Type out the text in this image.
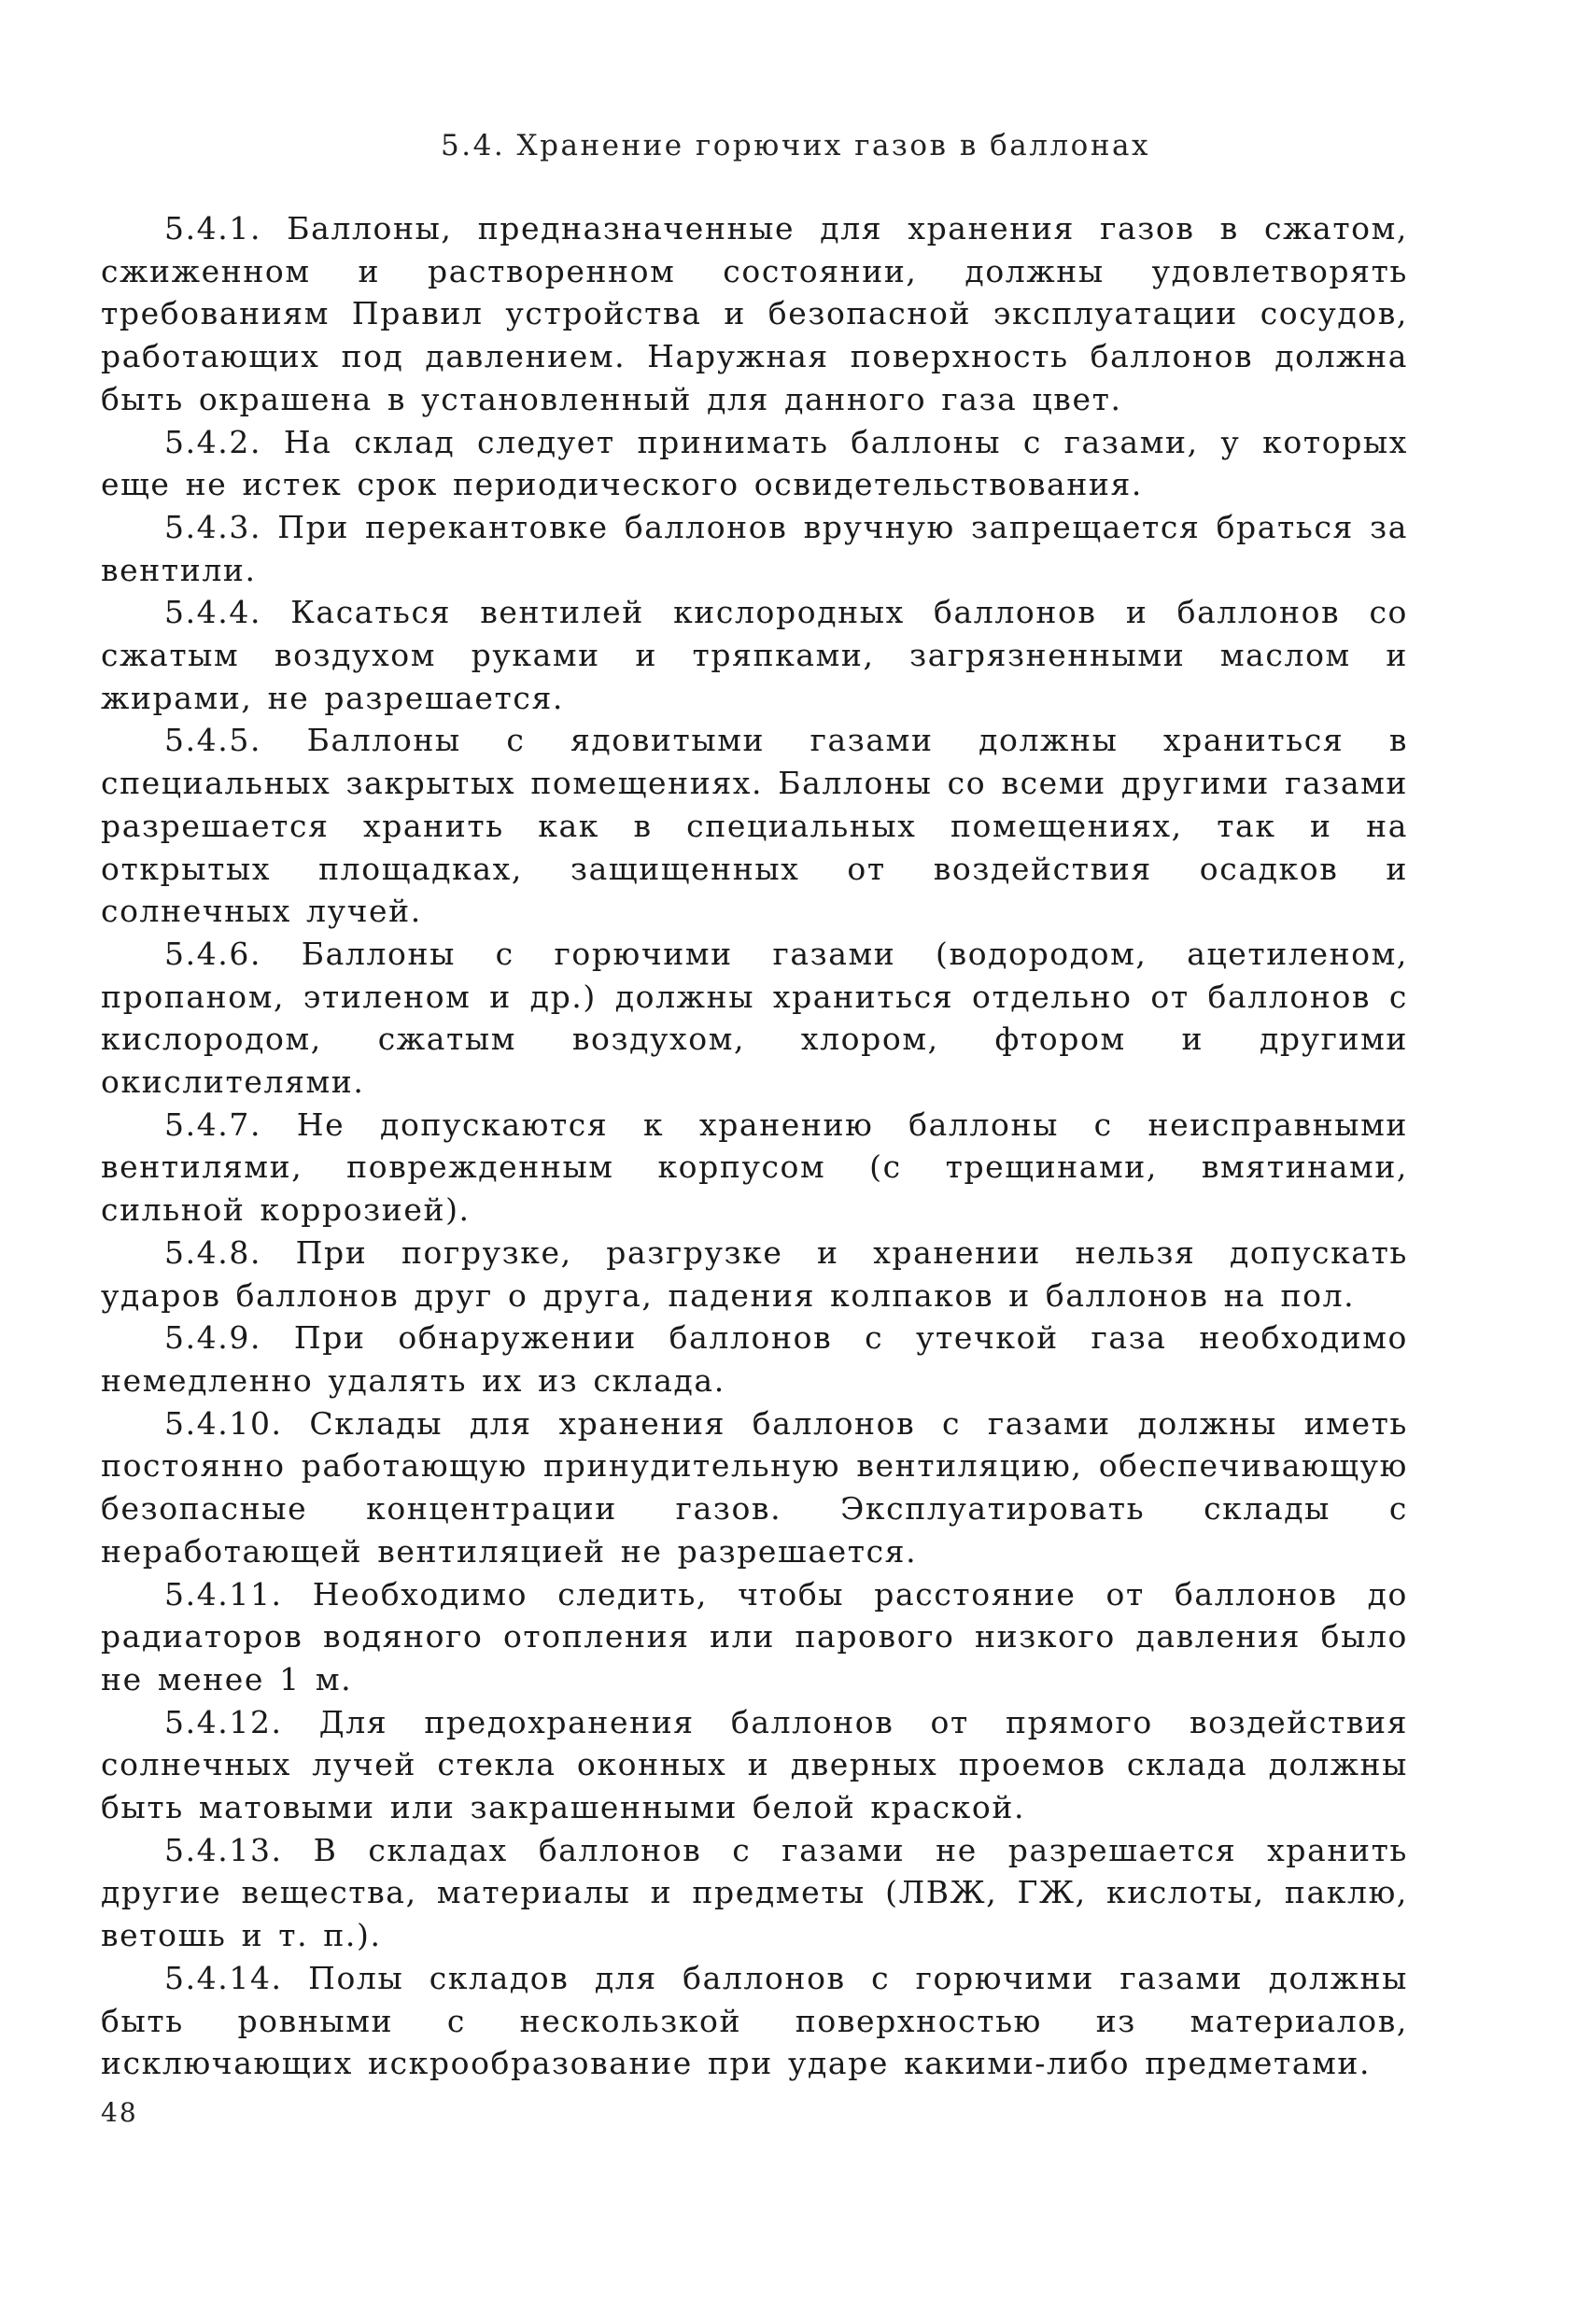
5.4. Хранение горючих газов в баллонах

5.4.1. Баллоны, предназначенные для хранения газов в сжатом, сжиженном и растворенном состоянии, должны удовлетворять требованиям Правил устройства и безопасной эксплуатации сосудов, работающих под давлением. Наружная поверхность баллонов должна быть окрашена в установленный для данного газа цвет.

5.4.2. На склад следует принимать баллоны с газами, у которых еще не истек срок периодического освидетельствования.

5.4.3. При перекантовке баллонов вручную запрещается браться за вентили.

5.4.4. Касаться вентилей кислородных баллонов и баллонов со сжатым воздухом руками и тряпками, загрязненными маслом и жирами, не разрешается.

5.4.5. Баллоны с ядовитыми газами должны храниться в специальных закрытых помещениях. Баллоны со всеми другими газами разрешается хранить как в специальных помещениях, так и на открытых площадках, защищенных от воздействия осадков и солнечных лучей.

5.4.6. Баллоны с горючими газами (водородом, ацетиленом, пропаном, этиленом и др.) должны храниться отдельно от баллонов с кислородом, сжатым воздухом, хлором, фтором и другими окислителями.

5.4.7. Не допускаются к хранению баллоны с неисправными вентилями, поврежденным корпусом (с трещинами, вмятинами, сильной коррозией).

5.4.8. При погрузке, разгрузке и хранении нельзя допускать ударов баллонов друг о друга, падения колпаков и баллонов на пол.

5.4.9. При обнаружении баллонов с утечкой газа необходимо немедленно удалять их из склада.

5.4.10. Склады для хранения баллонов с газами должны иметь постоянно работающую принудительную вентиляцию, обеспечивающую безопасные концентрации газов. Эксплуатировать склады с неработающей вентиляцией не разрешается.

5.4.11. Необходимо следить, чтобы расстояние от баллонов до радиаторов водяного отопления или парового низкого давления было не менее 1 м.

5.4.12. Для предохранения баллонов от прямого воздействия солнечных лучей стекла оконных и дверных проемов склада должны быть матовыми или закрашенными белой краской.

5.4.13. В складах баллонов с газами не разрешается хранить другие вещества, материалы и предметы (ЛВЖ, ГЖ, кислоты, паклю, ветошь и т. п.).

5.4.14. Полы складов для баллонов с горючими газами должны быть ровными с нескользкой поверхностью из материалов, исключающих искрообразование при ударе какими-либо предметами.

48
